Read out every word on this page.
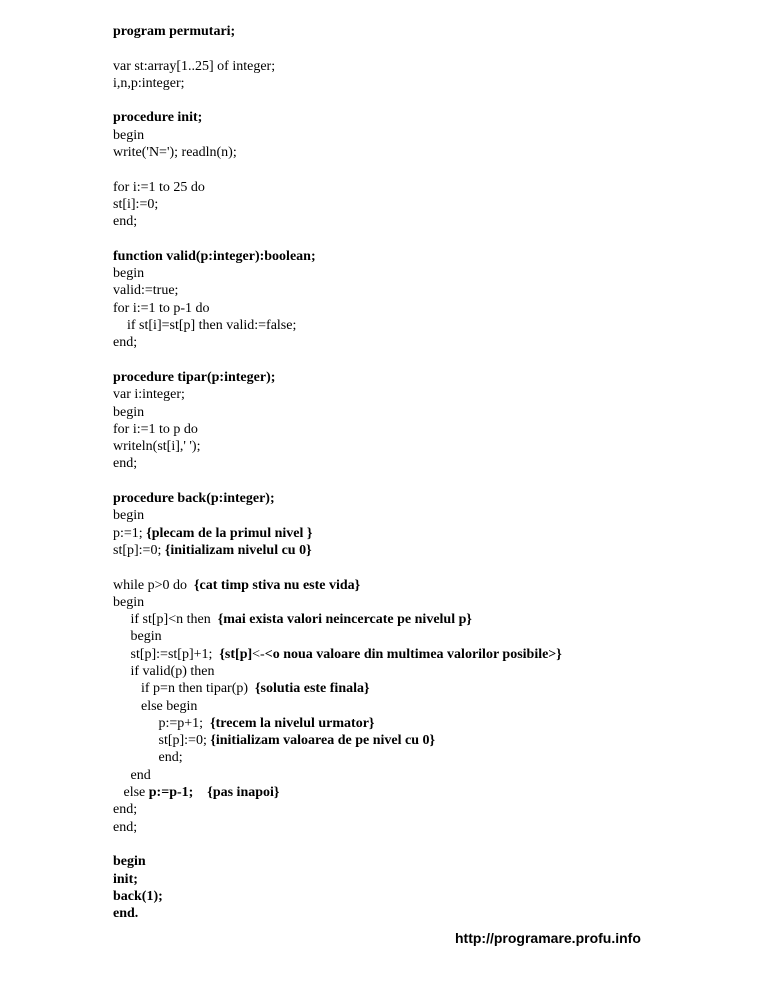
program permutari;
var st:array[1..25] of integer;
i,n,p:integer;
procedure init;
begin
write('N='); readln(n);
for i:=1 to 25 do
st[i]:=0;
end;
function valid(p:integer):boolean;
begin
valid:=true;
for i:=1 to p-1 do
if st[i]=st[p] then valid:=false;
end;
procedure tipar(p:integer);
var i:integer;
begin
for i:=1 to p do
writeln(st[i],' ');
end;
procedure back(p:integer);
begin
p:=1; {plecam de la primul nivel }
st[p]:=0; {initializam nivelul cu 0}
while p>0 do  {cat timp stiva nu este vida}
begin
if st[p]<n then  {mai exista valori neincercate pe nivelul p}
begin
st[p]:=st[p]+1;  {st[p]<-<o noua valoare din multimea valorilor posibile>}
if valid(p) then
if p=n then tipar(p)  {solutia este finala}
else begin
p:=p+1;  {trecem la nivelul urmator}
st[p]:=0; {initializam valoarea de pe nivel cu 0}
end;
end
else p:=p-1;    {pas inapoi}
end;
end;
begin
init;
back(1);
end.
http://programare.profu.info
